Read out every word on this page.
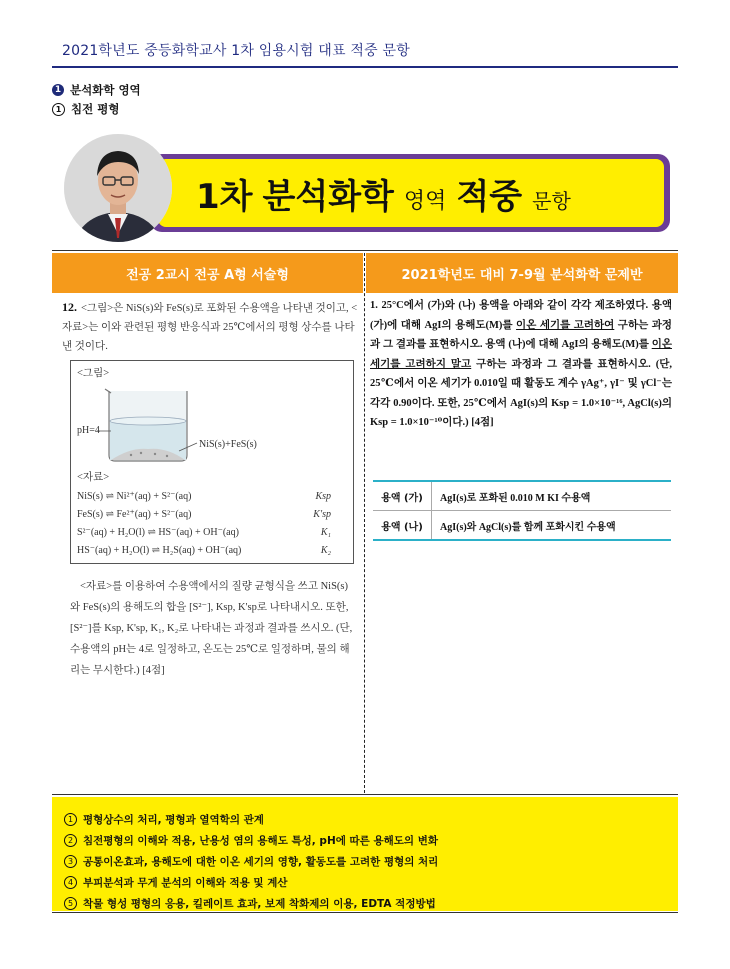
2021학년도 중등화학교사 1차 임용시험 대표 적중 문항
1 분석화학 영역
1 침전 평형
1차 분석화학 영역 적중 문항
전공 2교시 전공 A형 서술형	2021학년도 대비 7-9월 분석화학 문제반
12. <그림>은 NiS(s)와 FeS(s)로 포화된 수용액을 나타낸 것이고, <자료>는 이와 관련된 평형 반응식과 25℃에서의 평형 상수를 나타낸 것이다.
<그림>
pH=4
NiS(s)+FeS(s)
<자료>
NiS(s) ⇌ Ni²⁺(aq) + S²⁻(aq)	Ksp
FeS(s) ⇌ Fe²⁺(aq) + S²⁻(aq)	K'sp
S²⁻(aq) + H₂O(l) ⇌ HS⁻(aq) + OH⁻(aq)	K₁
HS⁻(aq) + H₂O(l) ⇌ H₂S(aq) + OH⁻(aq)	K₂
<자료>를 이용하여 수용액에서의 질량 균형식을 쓰고 NiS(s)와 FeS(s)의 용해도의 합을 [S²⁻], Ksp, K'sp로 나타내시오. 또한, [S²⁻]를 Ksp, K'sp, K₁, K₂로 나타내는 과정과 결과를 쓰시오. (단, 수용액의 pH는 4로 일정하고, 온도는 25℃로 일정하며, 물의 해리는 무시한다.) [4점]
1. 25°C에서 (가)와 (나) 용액을 아래와 같이 각각 제조하였다. 용액 (가)에 대해 AgI의 용해도(M)를 이온 세기를 고려하여 구하는 과정과 그 결과를 표현하시오. 용액 (나)에 대해 AgI의 용해도(M)를 이온 세기를 고려하지 말고 구하는 과정과 그 결과를 표현하시오. (단, 25℃에서 이온 세기가 0.010일 때 활동도 계수 γAg⁺, γI⁻ 및 γCl⁻는 각각 0.90이다. 또한, 25℃에서 AgI(s)의 Ksp = 1.0×10⁻¹⁶, AgCl(s)의 Ksp = 1.0×10⁻¹⁰이다.) [4점]
용액 (가)	AgI(s)로 포화된 0.010 M KI 수용액
용액 (나)	AgI(s)와 AgCl(s)를 함께 포화시킨 수용액
1 평형상수의 처리, 평형과 열역학의 관계
2 침전평형의 이해와 적용, 난용성 염의 용해도 특성, pH에 따른 용해도의 변화
3 공통이온효과, 용해도에 대한 이온 세기의 영향, 활동도를 고려한 평형의 처리
4 부피분석과 무게 분석의 이해와 적용 및 계산
5 착물 형성 평형의 응용, 킬레이트 효과, 보제 착화제의 이용, EDTA 적정방법
